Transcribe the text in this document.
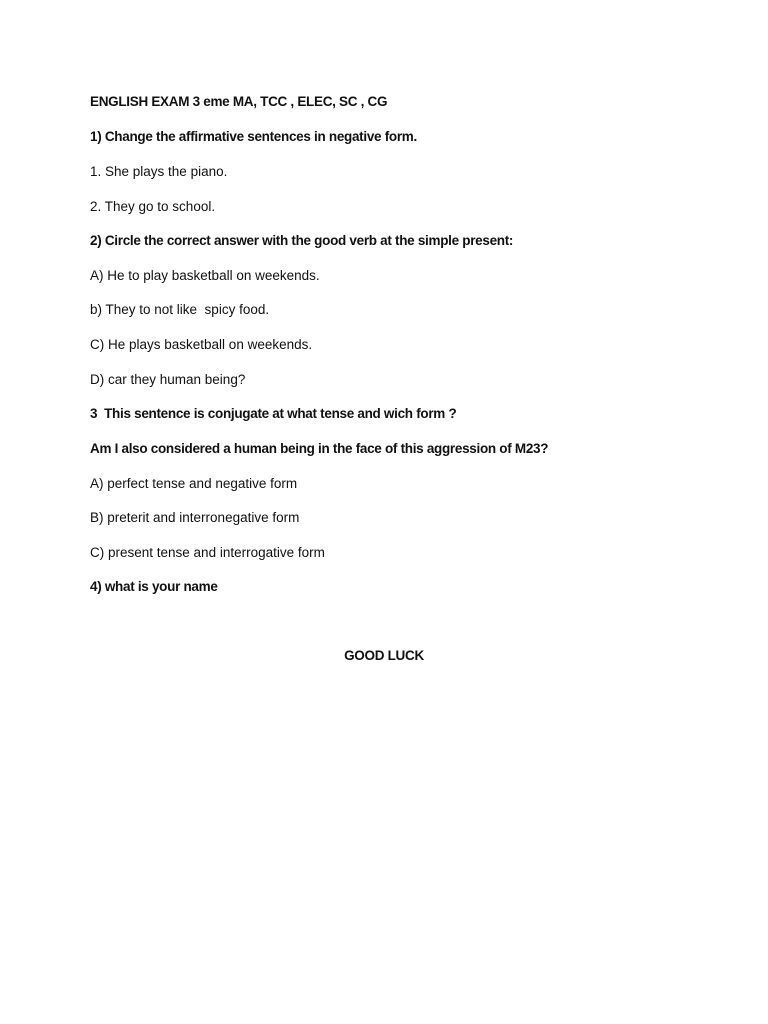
ENGLISH EXAM 3 eme MA, TCC , ELEC, SC , CG
1) Change the affirmative sentences in negative form.
1. She plays the piano.
2. They go to school.
2) Circle the correct answer with the good verb at the simple present:
A) He to play basketball on weekends.
b) They to not like  spicy food.
C) He plays basketball on weekends.
D) car they human being?
3  This sentence is conjugate at what tense and wich form ?
Am I also considered a human being in the face of this aggression of M23?
A) perfect tense and negative form
B) preterit and interronegative form
C) present tense and interrogative form
4) what is your name
GOOD LUCK
